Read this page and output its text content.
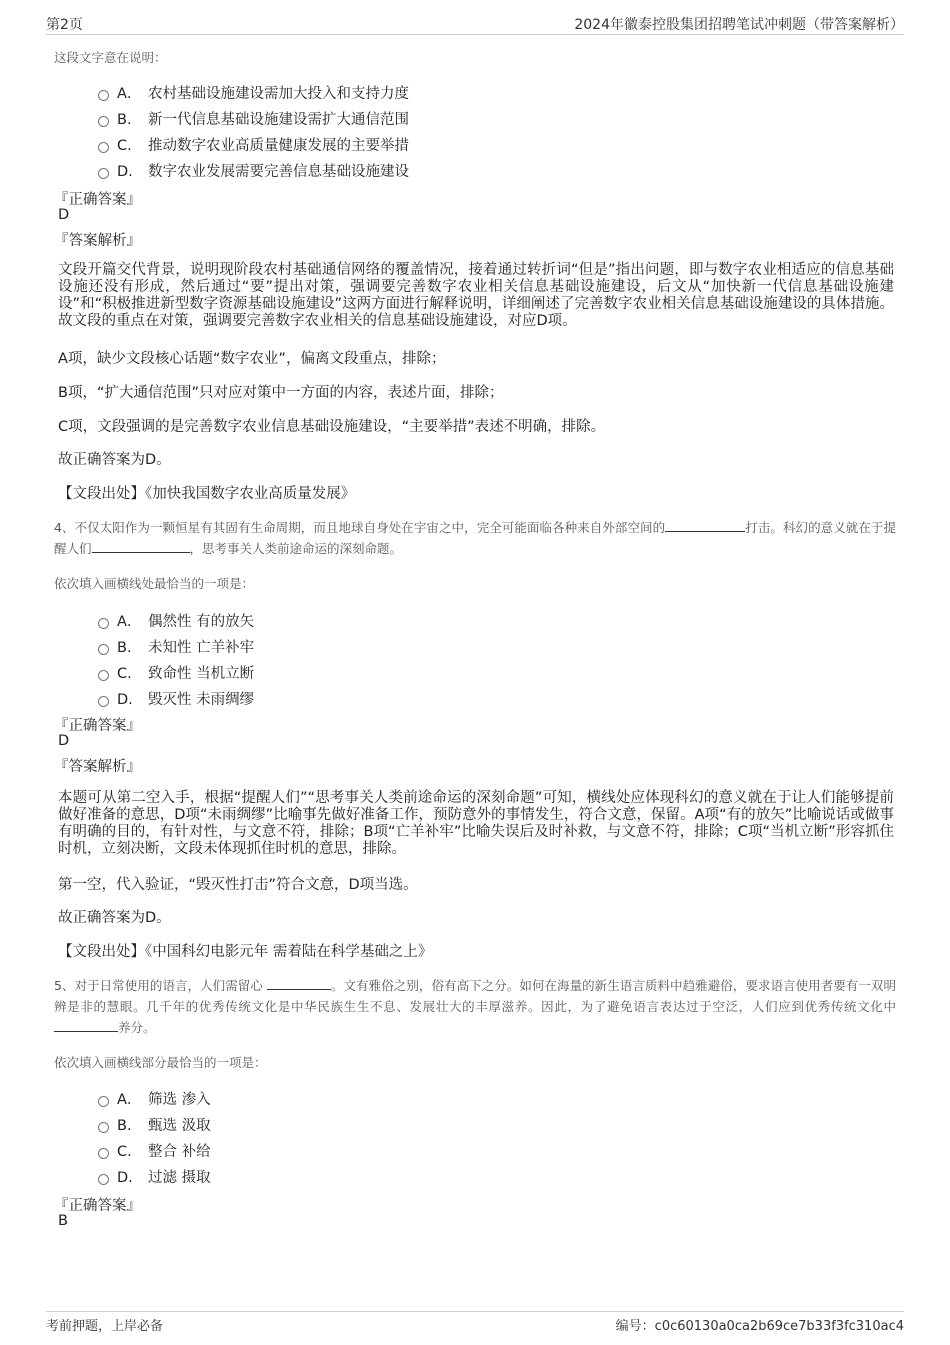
第2页	2024年徽泰控股集团招聘笔试冲刺题（带答案解析）
这段文字意在说明：
A． 农村基础设施建设需加大投入和支持力度
B. 新一代信息基础设施建设需扩大通信范围
C. 推动数字农业高质量健康发展的主要举措
D. 数字农业发展需要完善信息基础设施建设
『正确答案』
D
『答案解析』
文段开篇交代背景，说明现阶段农村基础通信网络的覆盖情况，接着通过转折词“但是”指出问题，即与数字农业相适应的信息基础设施还没有形成，然后通过“要”提出对策，强调要完善数字农业相关信息基础设施建设，后文从“加快新一代信息基础设施建设”和“积极推进新型数字资源基础设施建设”这两方面进行解释说明，详细阐述了完善数字农业相关信息基础设施建设的具体措施。故文段的重点在对策，强调要完善数字农业相关的信息基础设施建设，对应D项。
A项，缺少文段核心话题“数字农业”，偏离文段重点，排除；
B项，“扩大通信范围”只对应对策中一方面的内容，表述片面，排除；
C项，文段强调的是完善数字农业信息基础设施建设，“主要举措”表述不明确，排除。
故正确答案为D。
【文段出处】《加快我国数字农业高质量发展》
4、不仅太阳作为一颗恒星有其固有生命周期，而且地球自身处在宇宙之中，完全可能面临各种来自外部空间的	打击。科幻的意义就在于提醒人们	，思考事关人类前途命运的深刻命题。
依次填入画横线处最恰当的一项是：
A． 偶然性 有的放矢
B. 未知性 亡羊补牢
C. 致命性 当机立断
D. 毁灭性 未雨绸缪
『正确答案』
D
『答案解析』
本题可从第二空入手，根据“提醒人们”“思考事关人类前途命运的深刻命题”可知，横线处应体现科幻的意义就在于让人们能够提前做好准备的意思，D项“未雨绸缪”比喻事先做好准备工作，预防意外的事情发生，符合文意，保留。A项“有的放矢”比喻说话或做事有明确的目的，有针对性，与文意不符，排除；B项“亡羊补牢”比喻失误后及时补救，与文意不符，排除；C项“当机立断”形容抓住时机，立刻决断，文段未体现抓住时机的意思，排除。
第一空，代入验证，“毁灭性打击”符合文意，D项当选。
故正确答案为D。
【文段出处】《中国科幻电影元年 需着陆在科学基础之上》
5、对于日常使用的语言，人们需留心	。文有雅俗之别，俗有高下之分。如何在海量的新生语言质料中趋雅避俗，要求语言使用者要有一双明辨是非的慧眼。几千年的优秀传统文化是中华民族生生不息、发展壮大的丰厚滋养。因此，为了避免语言表达过于空泛，人们应到优秀传统文化中 养分。
依次填入画横线部分最恰当的一项是：
A． 筛选 渗入
B. 甄选 汲取
C. 整合 补给
D. 过滤 摄取
『正确答案』
B
考前押题，上岸必备	编号：c0c60130a0ca2b69ce7b33f3fc310ac4
